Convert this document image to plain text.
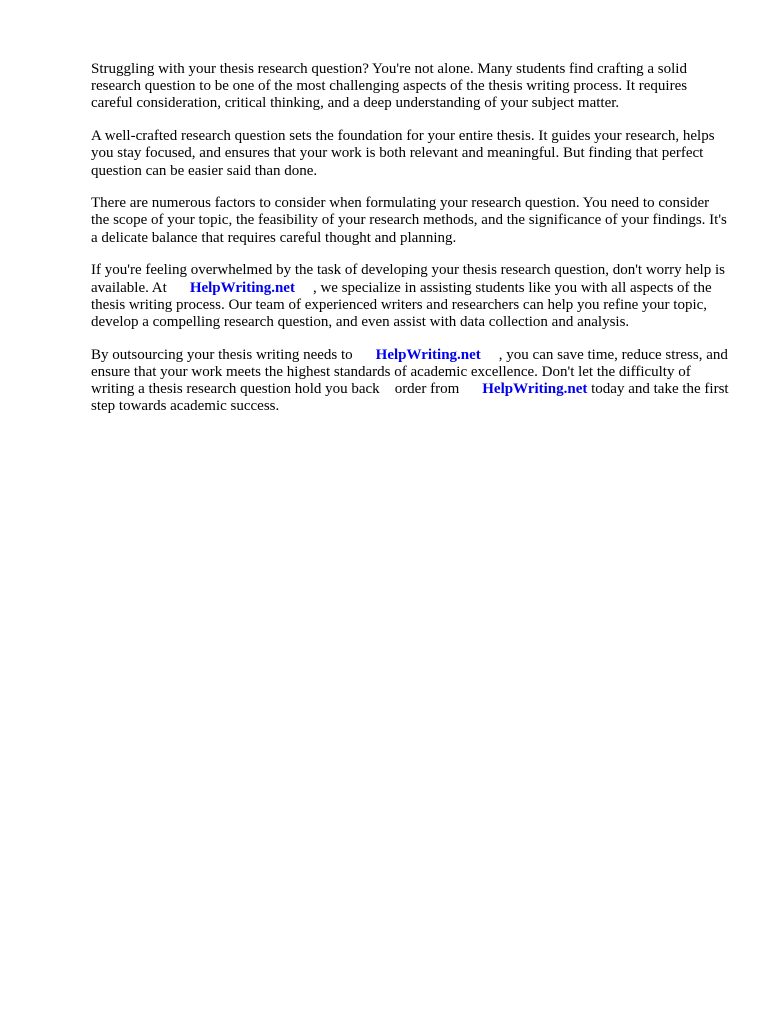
Struggling with your thesis research question? You're not alone. Many students find crafting a solid research question to be one of the most challenging aspects of the thesis writing process. It requires careful consideration, critical thinking, and a deep understanding of your subject matter.

A well-crafted research question sets the foundation for your entire thesis. It guides your research, helps you stay focused, and ensures that your work is both relevant and meaningful. But finding that perfect question can be easier said than done.

There are numerous factors to consider when formulating your research question. You need to consider the scope of your topic, the feasibility of your research methods, and the significance of your findings. It's a delicate balance that requires careful thought and planning.

If you're feeling overwhelmed by the task of developing your thesis research question, don't worry help is available. At HelpWriting.net , we specialize in assisting students like you with all aspects of the thesis writing process. Our team of experienced writers and researchers can help you refine your topic, develop a compelling research question, and even assist with data collection and analysis.

By outsourcing your thesis writing needs to HelpWriting.net , you can save time, reduce stress, and ensure that your work meets the highest standards of academic excellence. Don't let the difficulty of writing a thesis research question hold you back order from HelpWriting.net today and take the first step towards academic success.
